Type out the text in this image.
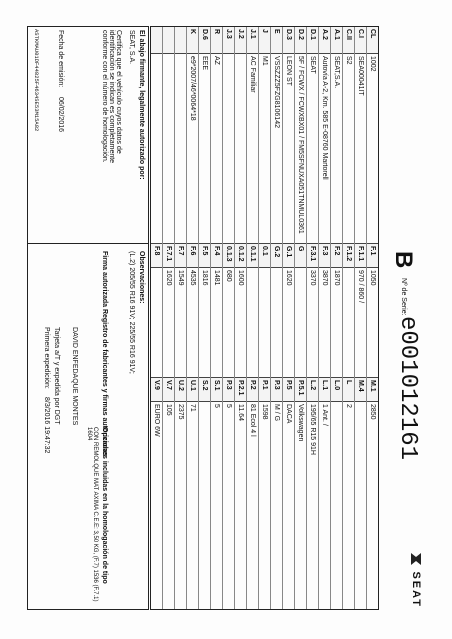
B
Nº de Serie:
e001012161
SEAT
CL
1002
F.1
1050
M.1
2850
C.I
SEA00041IT
F.1.1
970 / 860 /
M.4
C.II
S2
F.1.2
L
2
A.1
SEAT,S.A.
F.2
1870
L.0
A.2
Autovía A-2, Km. 585 E-08760 Martorell
F.3
3870
L.1
1 Ant. /
D.1
SEAT
F.3.1
3370
L.2
195/65 R15 91H
D.2
5F / FCWX / FCWXBX01 / FM5SFNUXA051TNMUL0361
G
P.5.1
Volkswagen
D.3
LEON ST
G.1
1620
P.5
DACA
E
VSSZZZ5FZG8106142
G.2
P.3
M / G
J
M1
0.1
P.1
1598
J.1
AC Familiar
0.1.1
P.2
81 Ecol 4 l
J.2
0.1.2
1600
P.2.1
11.64
J.3
0.1.3
680
P.3
5
R
AZ
F.4
1481
S.1
5
D.6
EEE
F.5
1816
S.2
K
e9*2007/46*0064*18
F.6
4535
U.1
71
F.7
1549
U.2
2375
F.7.1
1620
V.7
105
F.8
V.9
EURO 6W

El abajo firmante, legalmente autorizado por:

SEAT, S.A.

Certifica que el vehículo cuyos datos de identificación se indican es completamente conforme con el número de homologación.

Fecha de emisión:

06/02/2016

ASTKMAU01DF44825F4634SE53M15A82

Observaciones:

(L.2) 205/55 R16 91V; 225/55 R16 91V;

Firma autorizada Registro de fabricantes y firmas autorizadas

Opciones incluidas en la homologación de tipo

CON REMOLQUE MAT AXIMA C.E.E: 3,50 KG, (F.7) 1536 (F.7.1) 1604

DAVID ENFEDAQUE MONTES

Tarjeta a/T y expedida por DGT

Primera expedición:

8/3/2016 19:47:32
